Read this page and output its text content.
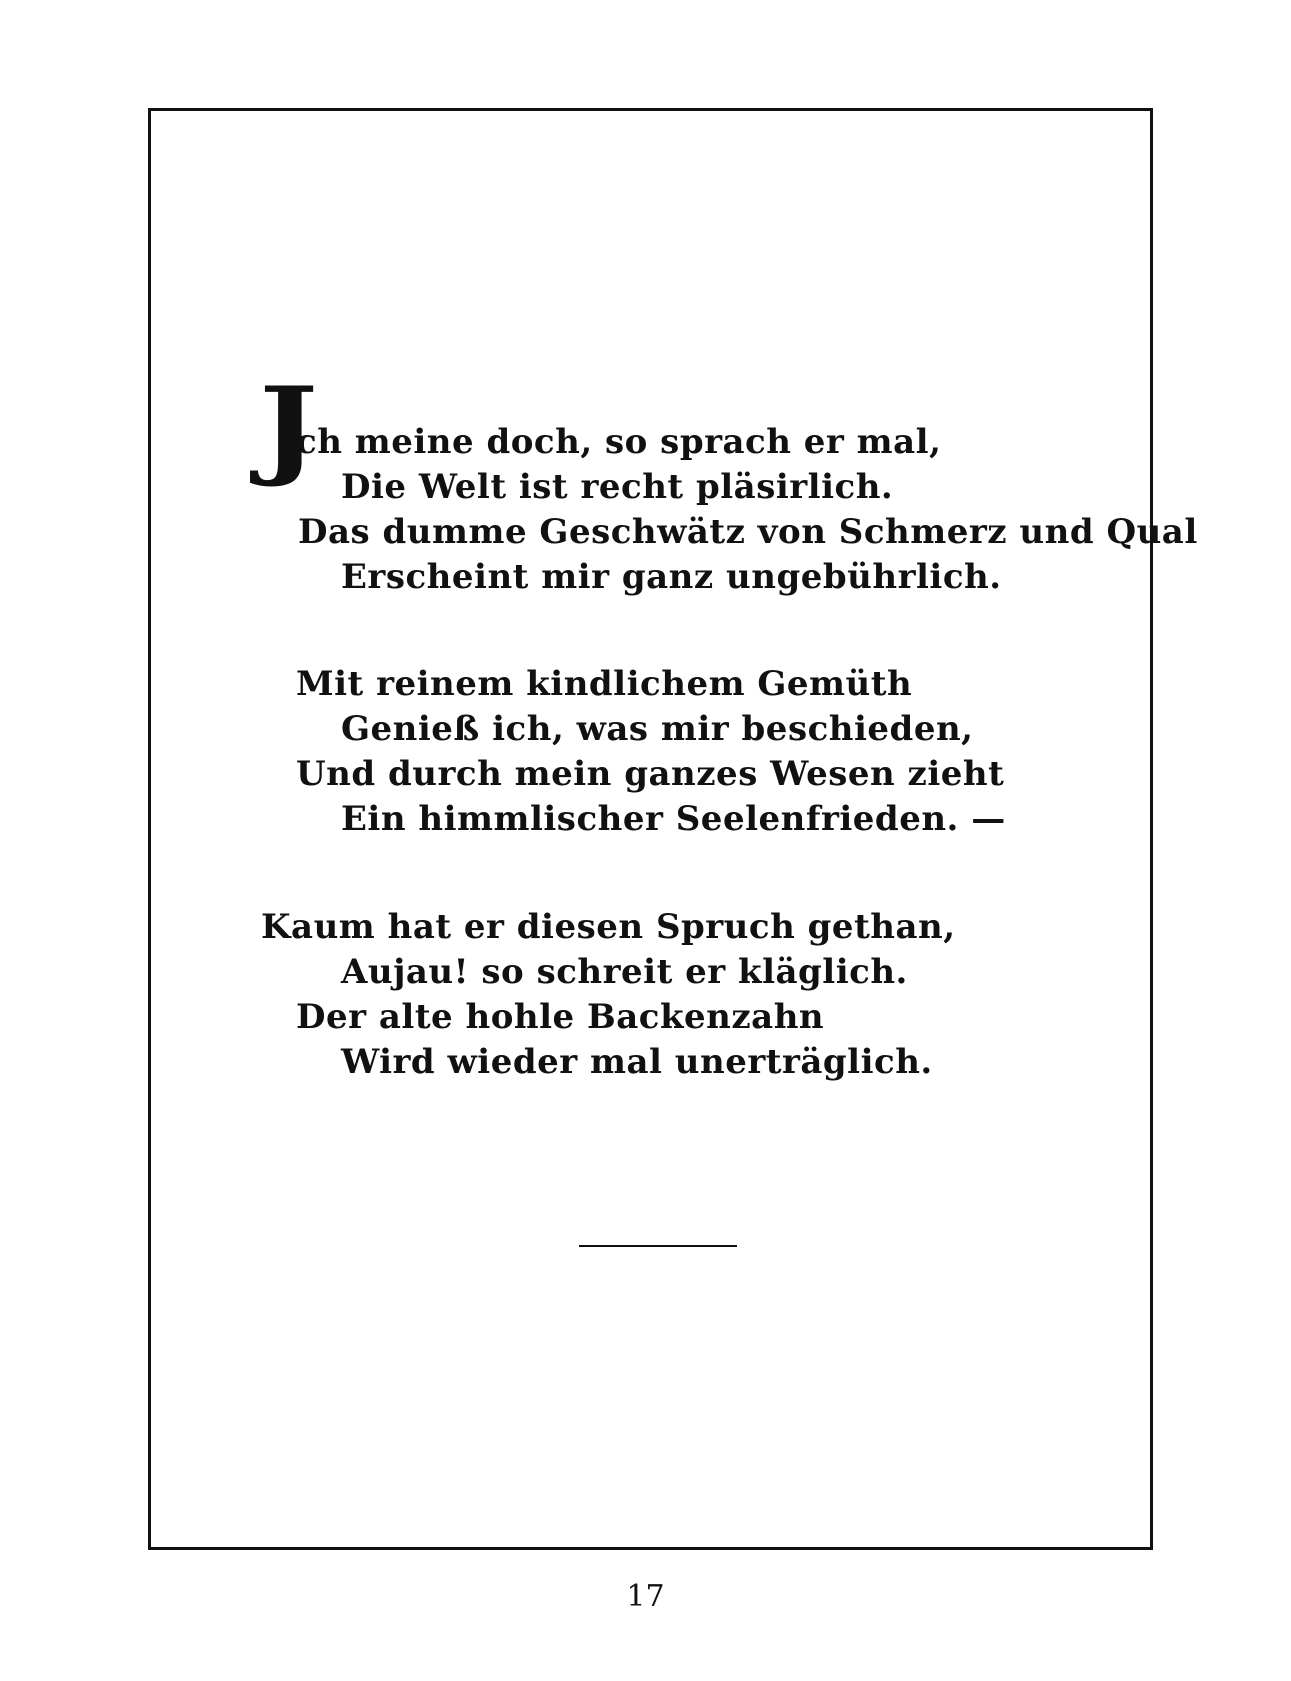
J
ch meine doch, so sprach er mal,
Die Welt ist recht pläsirlich.
Das dumme Geschwätz von Schmerz und Qual
Erscheint mir ganz ungebührlich.
Mit reinem kindlichem Gemüth
Genieß ich, was mir beschieden,
Und durch mein ganzes Wesen zieht
Ein himmlischer Seelenfrieden. —
Kaum hat er diesen Spruch gethan,
Aujau! so schreit er kläglich.
Der alte hohle Backenzahn
Wird wieder mal unerträglich.
17
